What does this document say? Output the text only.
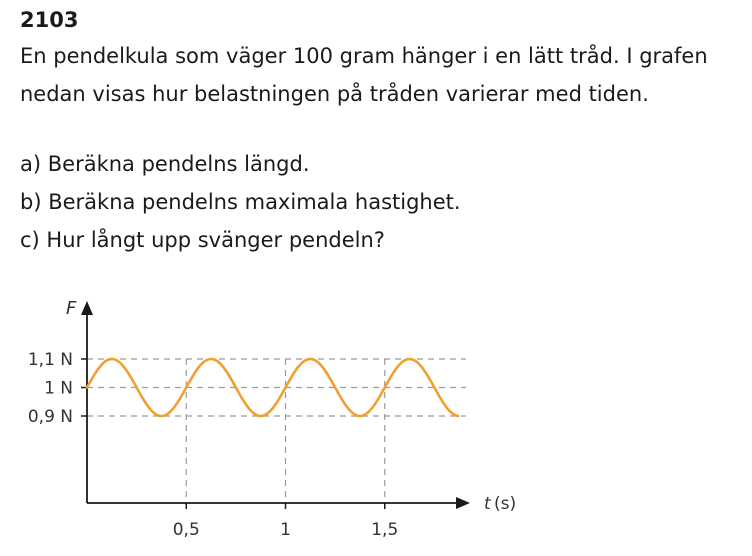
2103
En pendelkula som väger 100 gram hänger i en lätt tråd. I grafen
nedan visas hur belastningen på tråden varierar med tiden.
a) Beräkna pendelns längd.
b) Beräkna pendelns maximala hastighet.
c) Hur långt upp svänger pendeln?
1,1 N
1 N
0,9 N
0,5	1	1,5
F
t (s)
